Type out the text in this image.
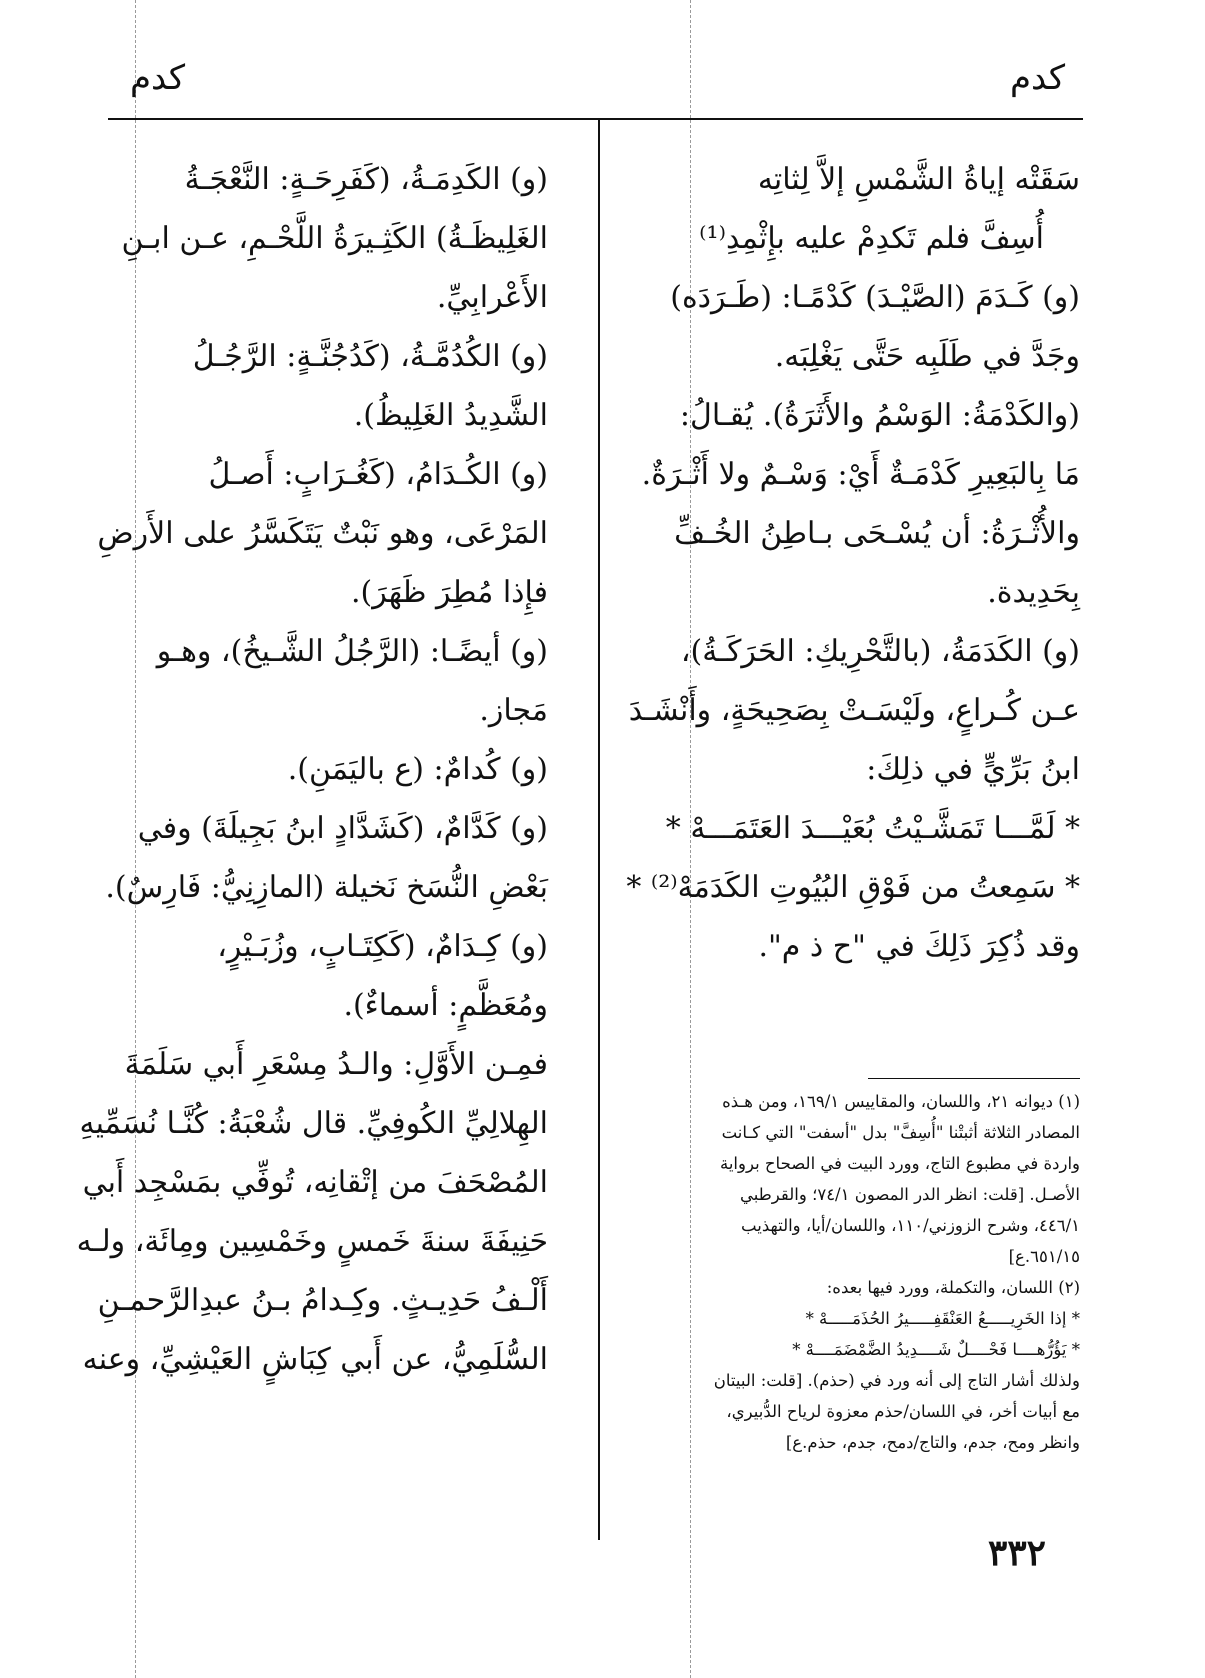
كدم
كدم
سَقَتْه إياةُ الشَّمْسِ إلاَّ لِثاتِه
أُسِفَّ فلم تَكدِمْ عليه بإِثْمِدِ⁽¹⁾
(و) كَـدَمَ (الصَّيْـدَ) كَدْمًـا: (طَـرَدَه)
وجَدَّ في طَلَبِه حَتَّى يَغْلِبَه.
(والكَدْمَةُ: الوَسْمُ والأَثَرَةُ). يُقـالُ:
مَا بِالبَعِيرِ كَدْمَـةٌ أَيْ: وَسْـمٌ ولا أَثْـرَةٌ.
والأُثْـرَةُ: أن يُسْـحَى بـاطِنُ الخُـفِّ
بِحَدِيدة.
(و) الكَدَمَةُ، (بالتَّحْرِيكِ: الحَرَكَـةُ)،
عـن كُـراعٍ، ولَيْسَـتْ بِصَحِيحَةٍ، وأَنْشَـدَ
ابنُ بَرِّيٍّ في ذلِكَ:
* لَمَّـــا تَمَشَّـيْتُ بُعَيْـــدَ العَتَمَـــهْ *
* سَمِعتُ من فَوْقِ البُيُوتِ الكَدَمَهْ⁽²⁾ *
وقد ذُكِرَ ذَلِكَ في "ح ذ م".
(و) الكَدِمَـةُ، (كَفَرِحَـةٍ: النَّعْجَـةُ
الغَلِيظَـةُ) الكَثِـيرَةُ اللَّحْـمِ، عـن ابـنِ
الأَعْرابِيِّ.
(و) الكُدُمَّـةُ، (كَدُجُنَّـةٍ: الرَّجُـلُ
الشَّدِيدُ الغَلِيظُ).
(و) الكُـدَامُ، (كَغُـرَابٍ: أَصـلُ
المَرْعَى، وهو نَبْتٌ يَتَكَسَّرُ على الأَرضِ
فإِذا مُطِرَ ظَهَرَ).
(و) أيضًـا: (الرَّجُلُ الشَّـيخُ)، وهـو
مَجاز.
(و) كُدامٌ: (ع باليَمَنِ).
(و) كَدَّامٌ، (كَشَدَّادٍ ابنُ بَجِيلَةَ) وفي
بَعْضِ النُّسَخ نَخيلة (المازِنِيُّ: فَارِسٌ).
(و) كِـدَامٌ، (كَكِتَـابٍ، وزُبَـيْرٍ،
ومُعَظَّمٍ: أسماءٌ).
فمِـن الأَوَّلِ: والـدُ مِسْعَرِ أَبي سَلَمَةَ
الهِلالِيِّ الكُوفِيِّ. قال شُعْبَةُ: كُنَّـا نُسَمِّيهِ
المُصْحَفَ من إتْقانِه، تُوفِّي بمَسْجِد أَبي
حَنِيفَةَ سنةَ خَمسٍ وخَمْسِين ومِائَة، ولـه
أَلْـفُ حَدِيـثٍ. وكِـدامُ بـنُ عبدِالرَّحمـنِ
السُّلَمِيُّ، عن أَبي كِبَاشٍ العَيْشِيِّ، وعنه
(١) ديوانه ٢١، واللسان، والمقاييس ١٦٩/١، ومن هـذه
المصادر الثلاثة أثبتْنا "أُسِفَّ" بدل "أسفت" التي كـانت
واردة في مطبوع التاج، وورد البيت في الصحاح برواية
الأصـل. [قلت: انظر الدر المصون ٧٤/١؛ والقرطبي
٤٤٦/١، وشرح الزوزني/١١٠، واللسان/أيا، والتهذيب
٦٥١/١٥.ع]
(٢) اللسان، والتكملة، وورد فيها بعده:
* إذا الخَرِيـــــعُ العَنْقَفِـــــيرُ الحُذَمَـــــهْ *
* يَؤُرُّهــــا فَحْــــلٌ شَــــدِيدُ الضَّمْضَمَــــهْ *
ولذلك أشار التاج إلى أنه ورد في (حذم). [قلت: البيتان
مع أبيات أخر، في اللسان/حذم معزوة لرياح الدُّبيري،
وانظر ومح، جدم، والتاج/دمح، جدم، حذم.ع]
٣٣٢
